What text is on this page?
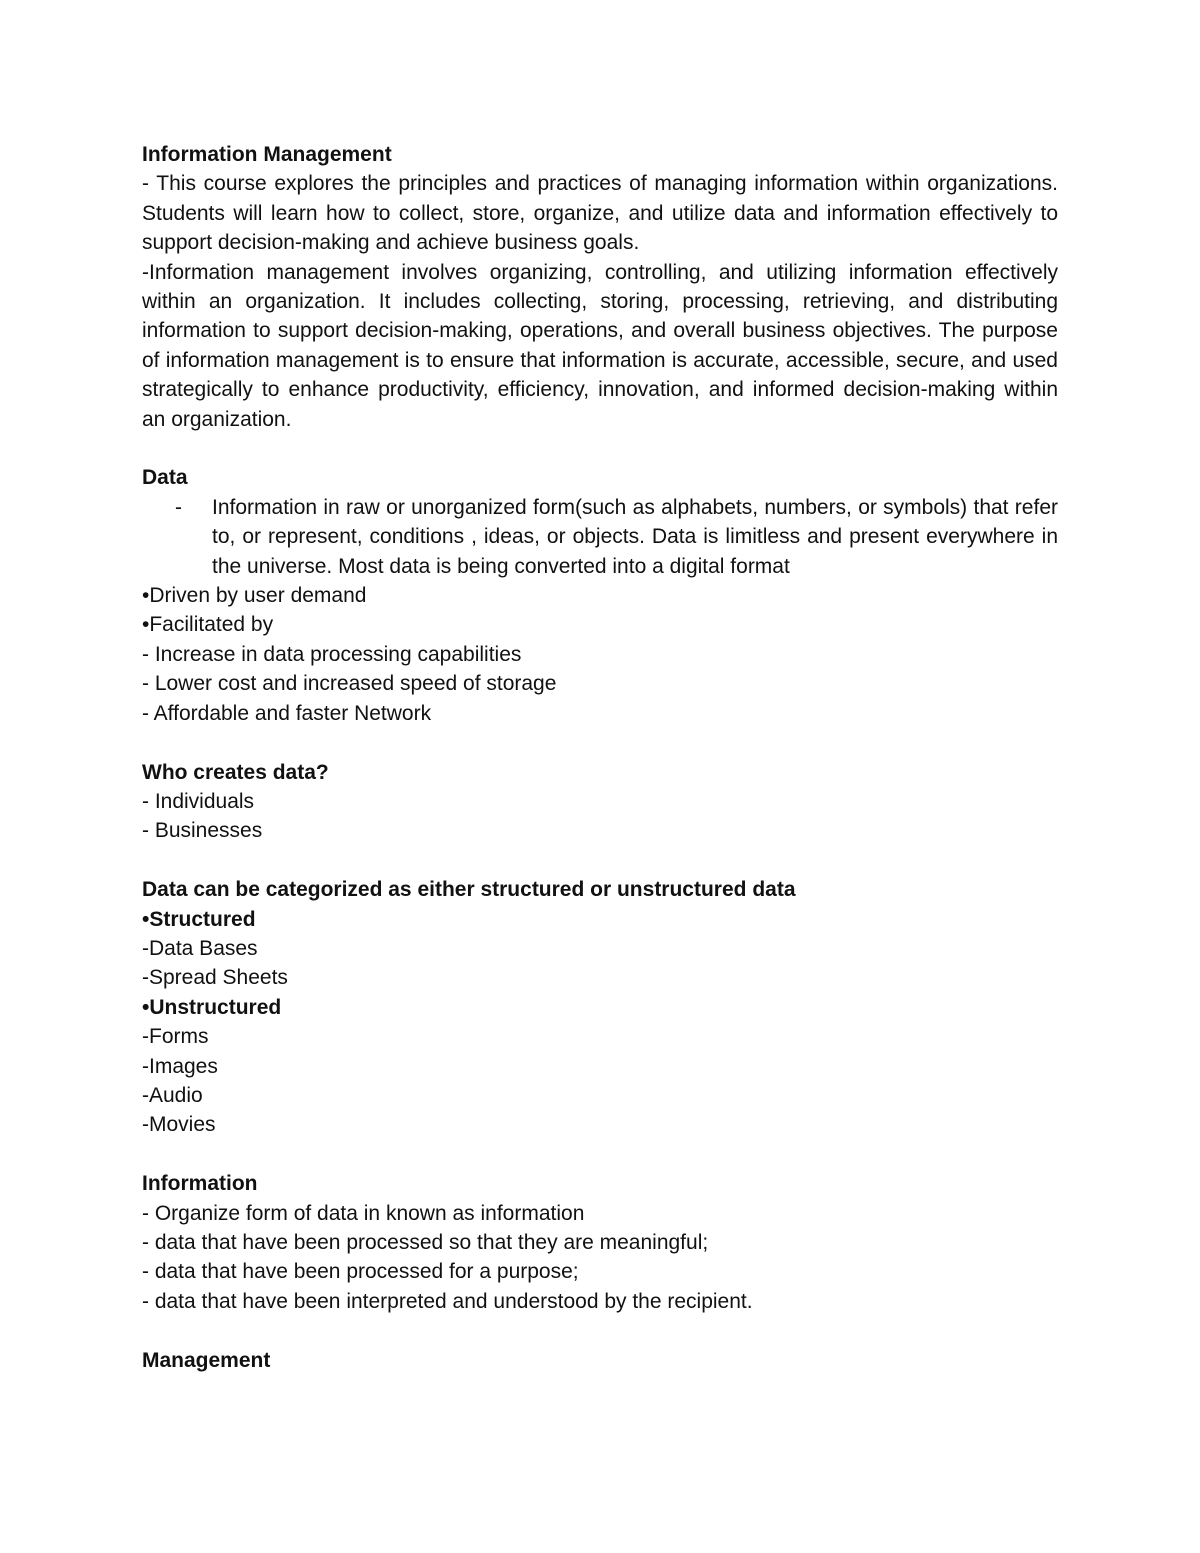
Information Management

- This course explores the principles and practices of managing information within organizations. Students will learn how to collect, store, organize, and utilize data and information effectively to support decision-making and achieve business goals.

-Information management involves organizing, controlling, and utilizing information effectively within an organization. It includes collecting, storing, processing, retrieving, and distributing information to support decision-making, operations, and overall business objectives. The purpose of information management is to ensure that information is accurate, accessible, secure, and used strategically to enhance productivity, efficiency, innovation, and informed decision-making within an organization.

Data

- Information in raw or unorganized form(such as alphabets, numbers, or symbols) that refer to, or represent, conditions , ideas, or objects. Data is limitless and present everywhere in the universe. Most data is being converted into a digital format

•Driven by user demand

•Facilitated by

- Increase in data processing capabilities

- Lower cost and increased speed of storage

- Affordable and faster Network

Who creates data?

- Individuals

- Businesses

Data can be categorized as either structured or unstructured data

•Structured

-Data Bases

-Spread Sheets

•Unstructured

-Forms

-Images

-Audio

-Movies

Information

- Organize form of data in known as information

- data that have been processed so that they are meaningful;

- data that have been processed for a purpose;

- data that have been interpreted and understood by the recipient.

Management
